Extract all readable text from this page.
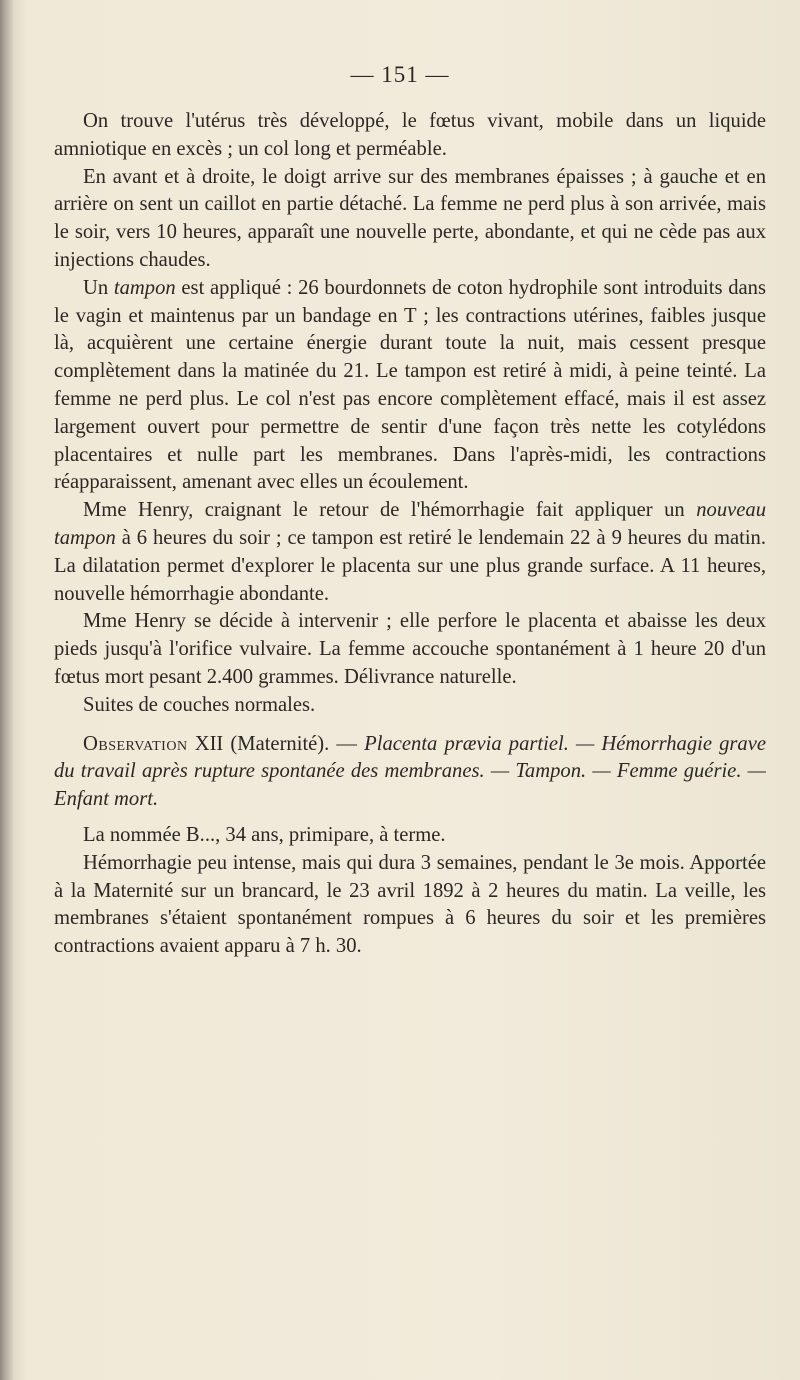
— 151 —

On trouve l'utérus très développé, le fœtus vivant, mobile dans un liquide amniotique en excès ; un col long et perméable.

En avant et à droite, le doigt arrive sur des membranes épaisses ; à gauche et en arrière on sent un caillot en partie détaché. La femme ne perd plus à son arrivée, mais le soir, vers 10 heures, apparaît une nouvelle perte, abondante, et qui ne cède pas aux injections chaudes.

Un tampon est appliqué : 26 bourdonnets de coton hydrophile sont introduits dans le vagin et maintenus par un bandage en T ; les contractions utérines, faibles jusque là, acquièrent une certaine énergie durant toute la nuit, mais cessent presque complètement dans la matinée du 21. Le tampon est retiré à midi, à peine teinté. La femme ne perd plus. Le col n'est pas encore complètement effacé, mais il est assez largement ouvert pour permettre de sentir d'une façon très nette les cotylédons placentaires et nulle part les membranes. Dans l'après-midi, les contractions réapparaissent, amenant avec elles un écoulement.

Mme Henry, craignant le retour de l'hémorrhagie fait appliquer un nouveau tampon à 6 heures du soir ; ce tampon est retiré le lendemain 22 à 9 heures du matin. La dilatation permet d'explorer le placenta sur une plus grande surface. A 11 heures, nouvelle hémorrhagie abondante.

Mme Henry se décide à intervenir ; elle perfore le placenta et abaisse les deux pieds jusqu'à l'orifice vulvaire. La femme accouche spontanément à 1 heure 20 d'un fœtus mort pesant 2.400 grammes. Délivrance naturelle.

Suites de couches normales.

Observation XII (Maternité). — Placenta prævia partiel. — Hémorrhagie grave du travail après rupture spontanée des membranes. — Tampon. — Femme guérie. — Enfant mort.

La nommée B..., 34 ans, primipare, à terme.

Hémorrhagie peu intense, mais qui dura 3 semaines, pendant le 3e mois. Apportée à la Maternité sur un brancard, le 23 avril 1892 à 2 heures du matin. La veille, les membranes s'étaient spontanément rompues à 6 heures du soir et les premières contractions avaient apparu à 7 h. 30.
